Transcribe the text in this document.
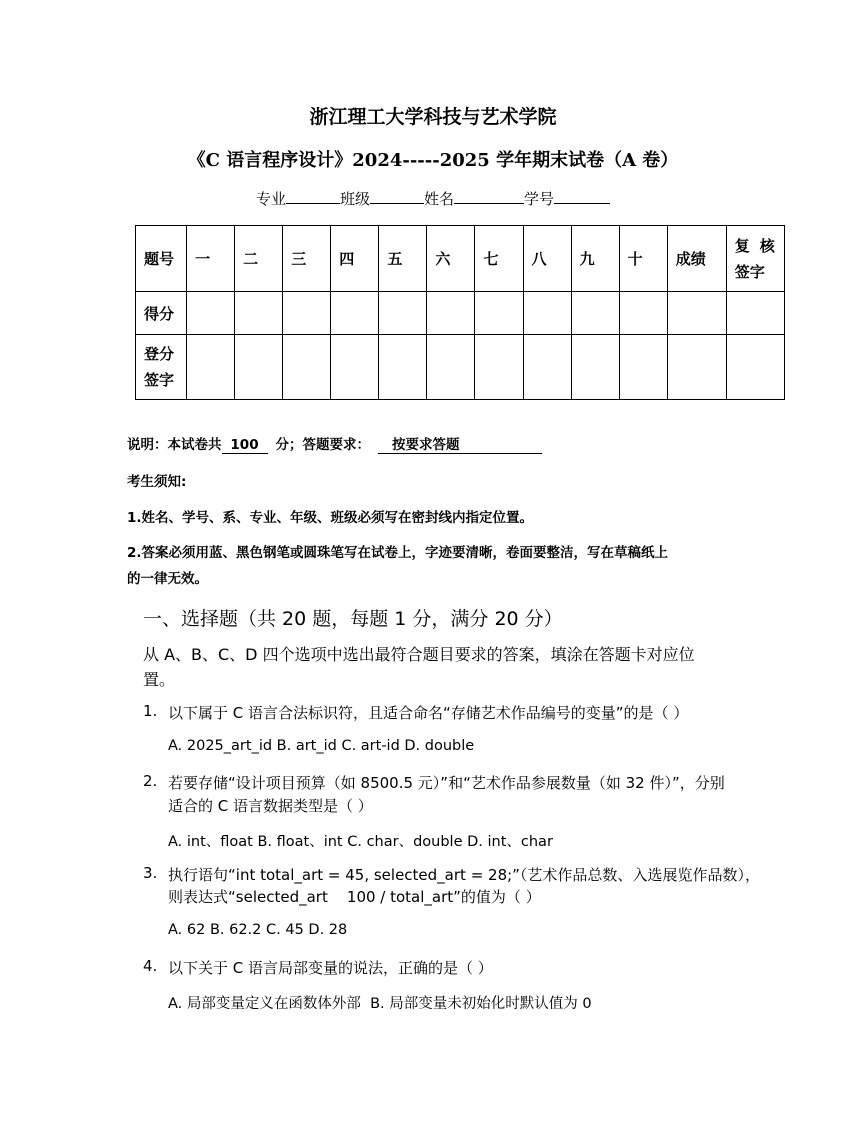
浙江理工大学科技与艺术学院
《C 语言程序设计》2024-----2025 学年期末试卷（A 卷）
专业	班级	姓名	学号
题号	一	二	三	四	五	六	七	八	九	十	成绩	复 核
签字

得分												

登分
签字												

说明：本试卷共 100 分；答题要求： 按要求答题
考生须知:
1.姓名、学号、系、专业、年级、班级必须写在密封线内指定位置。
2.答案必须用蓝、黑色钢笔或圆珠笔写在试卷上，字迹要清晰，卷面要整洁，写在草稿纸上
的一律无效。
一、选择题（共 20 题，每题 1 分，满分 20 分）
从 A、B、C、D 四个选项中选出最符合题目要求的答案，填涂在答题卡对应位
置。
1. 以下属于 C 语言合法标识符，且适合命名“存储艺术作品编号的变量”的是（ ）
A. 2025_art_id B. art_id C. art-id D. double
2. 若要存储“设计项目预算（如 8500.5 元）”和“艺术作品参展数量（如 32 件）”，分别
适合的 C 语言数据类型是（ ）
A. int、float B. float、int C. char、double D. int、char
3. 执行语句“int total_art = 45, selected_art = 28;”（艺术作品总数、入选展览作品数），
则表达式“selected_art    100 / total_art”的值为（ ）
A. 62 B. 62.2 C. 45 D. 28
4. 以下关于 C 语言局部变量的说法，正确的是（ ）
A. 局部变量定义在函数体外部  B. 局部变量未初始化时默认值为 0
